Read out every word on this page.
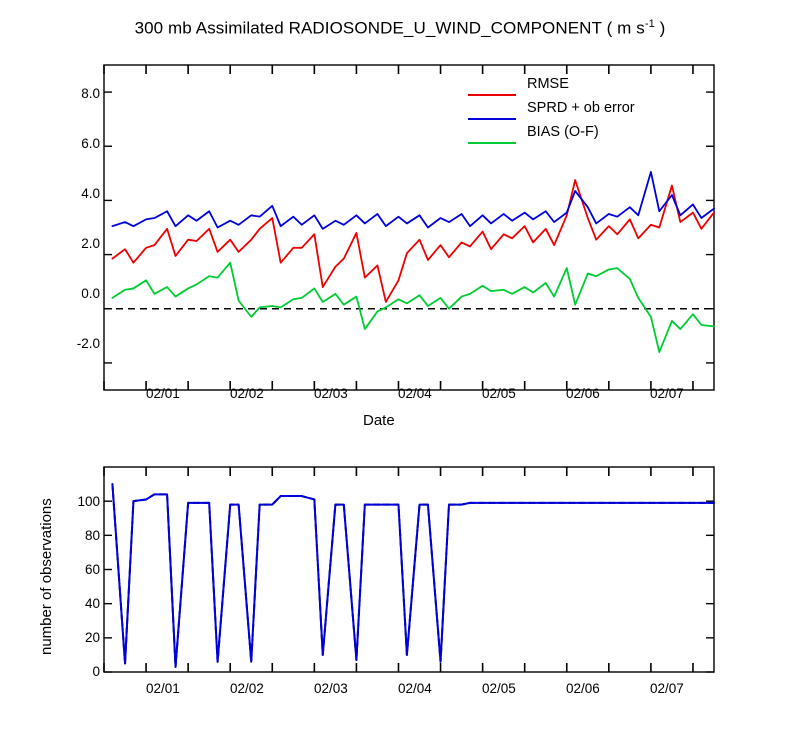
300 mb Assimilated RADIOSONDE_U_WIND_COMPONENT ( m $s^{-1}$ )
8.0
6.0
4.0
2.0
0.0
-2.0
02/01	02/02	02/03	02/04	02/05	02/06	02/07
Date
RMSE
SPRD + ob error
BIAS (O-F)
100
80
60
40
20
0
02/01	02/02	02/03	02/04	02/05	02/06	02/07
number of observations
